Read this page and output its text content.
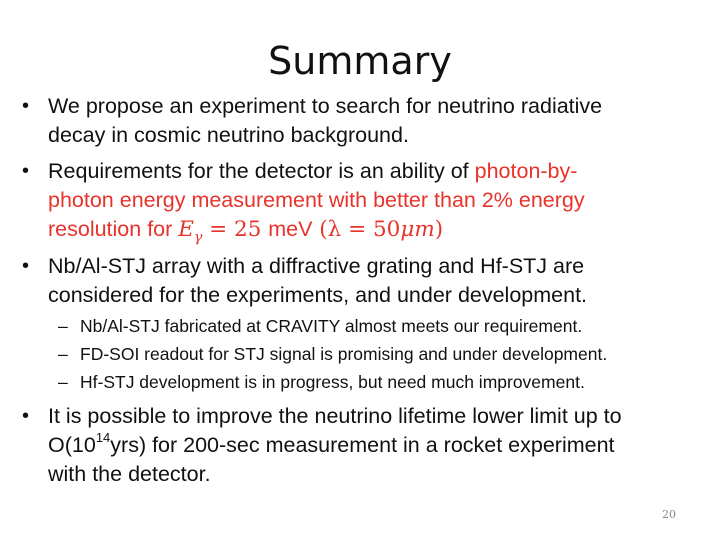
Summary
• We propose an experiment to search for neutrino radiative
decay in cosmic neutrino background.
• Requirements for the detector is an ability of photon-by-
photon energy measurement with better than 2% energy
resolution for $E_\gamma = 25$ meV (λ = 50μm)
• Nb/Al-STJ array with a diffractive grating and Hf-STJ are
considered for the experiments, and under development.
– Nb/Al-STJ fabricated at CRAVITY almost meets our requirement.
– FD-SOI readout for STJ signal is promising and under development.
– Hf-STJ development is in progress, but need much improvement.
• It is possible to improve the neutrino lifetime lower limit up to
$O(10^{14}yrs)$ for 200-sec measurement in a rocket experiment
with the detector.
20
